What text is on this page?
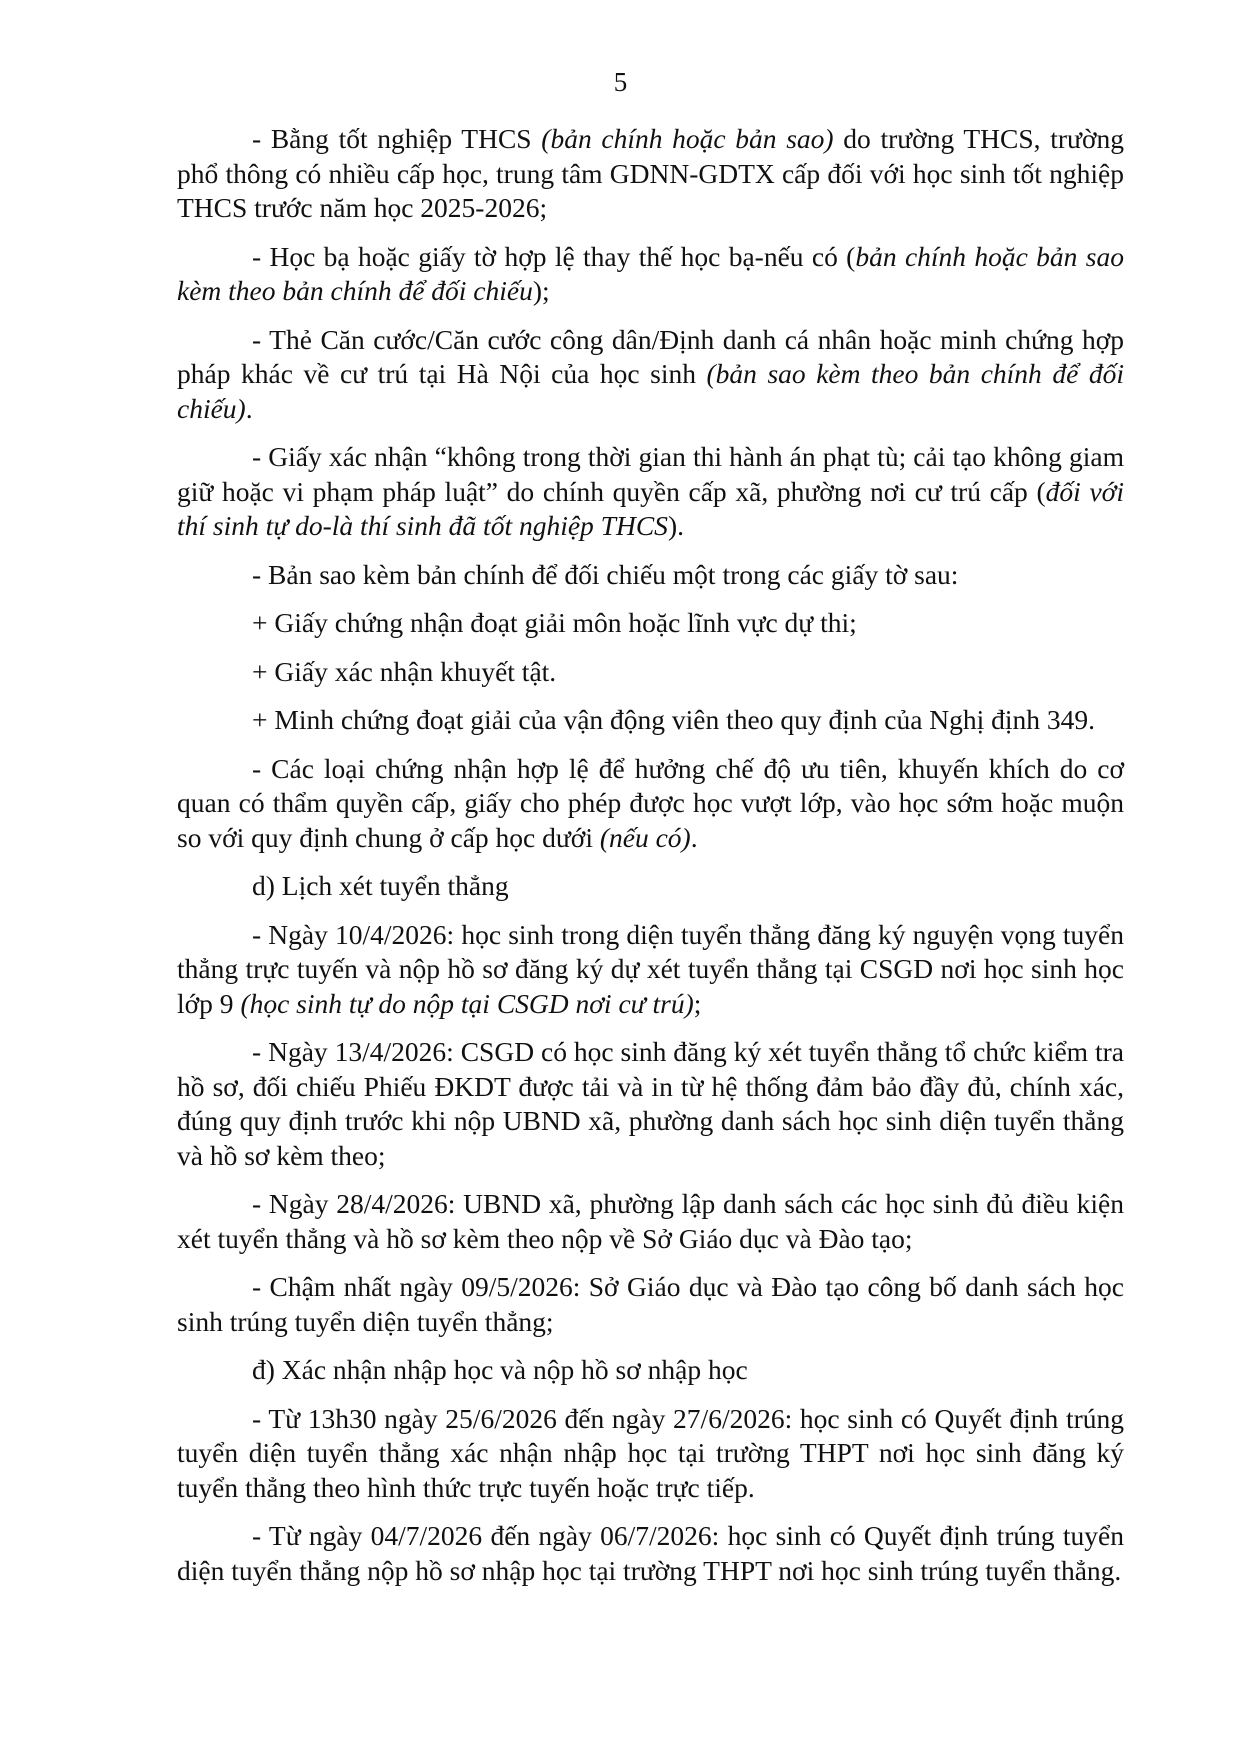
5

- Bằng tốt nghiệp THCS (bản chính hoặc bản sao) do trường THCS, trường phổ thông có nhiều cấp học, trung tâm GDNN-GDTX cấp đối với học sinh tốt nghiệp THCS trước năm học 2025-2026;

- Học bạ hoặc giấy tờ hợp lệ thay thế học bạ-nếu có (bản chính hoặc bản sao kèm theo bản chính để đối chiếu);

- Thẻ Căn cước/Căn cước công dân/Định danh cá nhân hoặc minh chứng hợp pháp khác về cư trú tại Hà Nội của học sinh (bản sao kèm theo bản chính để đối chiếu).

- Giấy xác nhận “không trong thời gian thi hành án phạt tù; cải tạo không giam giữ hoặc vi phạm pháp luật” do chính quyền cấp xã, phường nơi cư trú cấp (đối với thí sinh tự do-là thí sinh đã tốt nghiệp THCS).

- Bản sao kèm bản chính để đối chiếu một trong các giấy tờ sau:

+ Giấy chứng nhận đoạt giải môn hoặc lĩnh vực dự thi;

+ Giấy xác nhận khuyết tật.

+ Minh chứng đoạt giải của vận động viên theo quy định của Nghị định 349.

- Các loại chứng nhận hợp lệ để hưởng chế độ ưu tiên, khuyến khích do cơ quan có thẩm quyền cấp, giấy cho phép được học vượt lớp, vào học sớm hoặc muộn so với quy định chung ở cấp học dưới (nếu có).

d) Lịch xét tuyển thẳng

- Ngày 10/4/2026: học sinh trong diện tuyển thẳng đăng ký nguyện vọng tuyển thẳng trực tuyến và nộp hồ sơ đăng ký dự xét tuyển thẳng tại CSGD nơi học sinh học lớp 9 (học sinh tự do nộp tại CSGD nơi cư trú);

- Ngày 13/4/2026: CSGD có học sinh đăng ký xét tuyển thẳng tổ chức kiểm tra hồ sơ, đối chiếu Phiếu ĐKDT được tải và in từ hệ thống đảm bảo đầy đủ, chính xác, đúng quy định trước khi nộp UBND xã, phường danh sách học sinh diện tuyển thẳng và hồ sơ kèm theo;

- Ngày 28/4/2026: UBND xã, phường lập danh sách các học sinh đủ điều kiện xét tuyển thẳng và hồ sơ kèm theo nộp về Sở Giáo dục và Đào tạo;

- Chậm nhất ngày 09/5/2026: Sở Giáo dục và Đào tạo công bố danh sách học sinh trúng tuyển diện tuyển thẳng;

đ) Xác nhận nhập học và nộp hồ sơ nhập học

- Từ 13h30 ngày 25/6/2026 đến ngày 27/6/2026: học sinh có Quyết định trúng tuyển diện tuyển thẳng xác nhận nhập học tại trường THPT nơi học sinh đăng ký tuyển thẳng theo hình thức trực tuyến hoặc trực tiếp.

- Từ ngày 04/7/2026 đến ngày 06/7/2026: học sinh có Quyết định trúng tuyển diện tuyển thẳng nộp hồ sơ nhập học tại trường THPT nơi học sinh trúng tuyển thẳng.
